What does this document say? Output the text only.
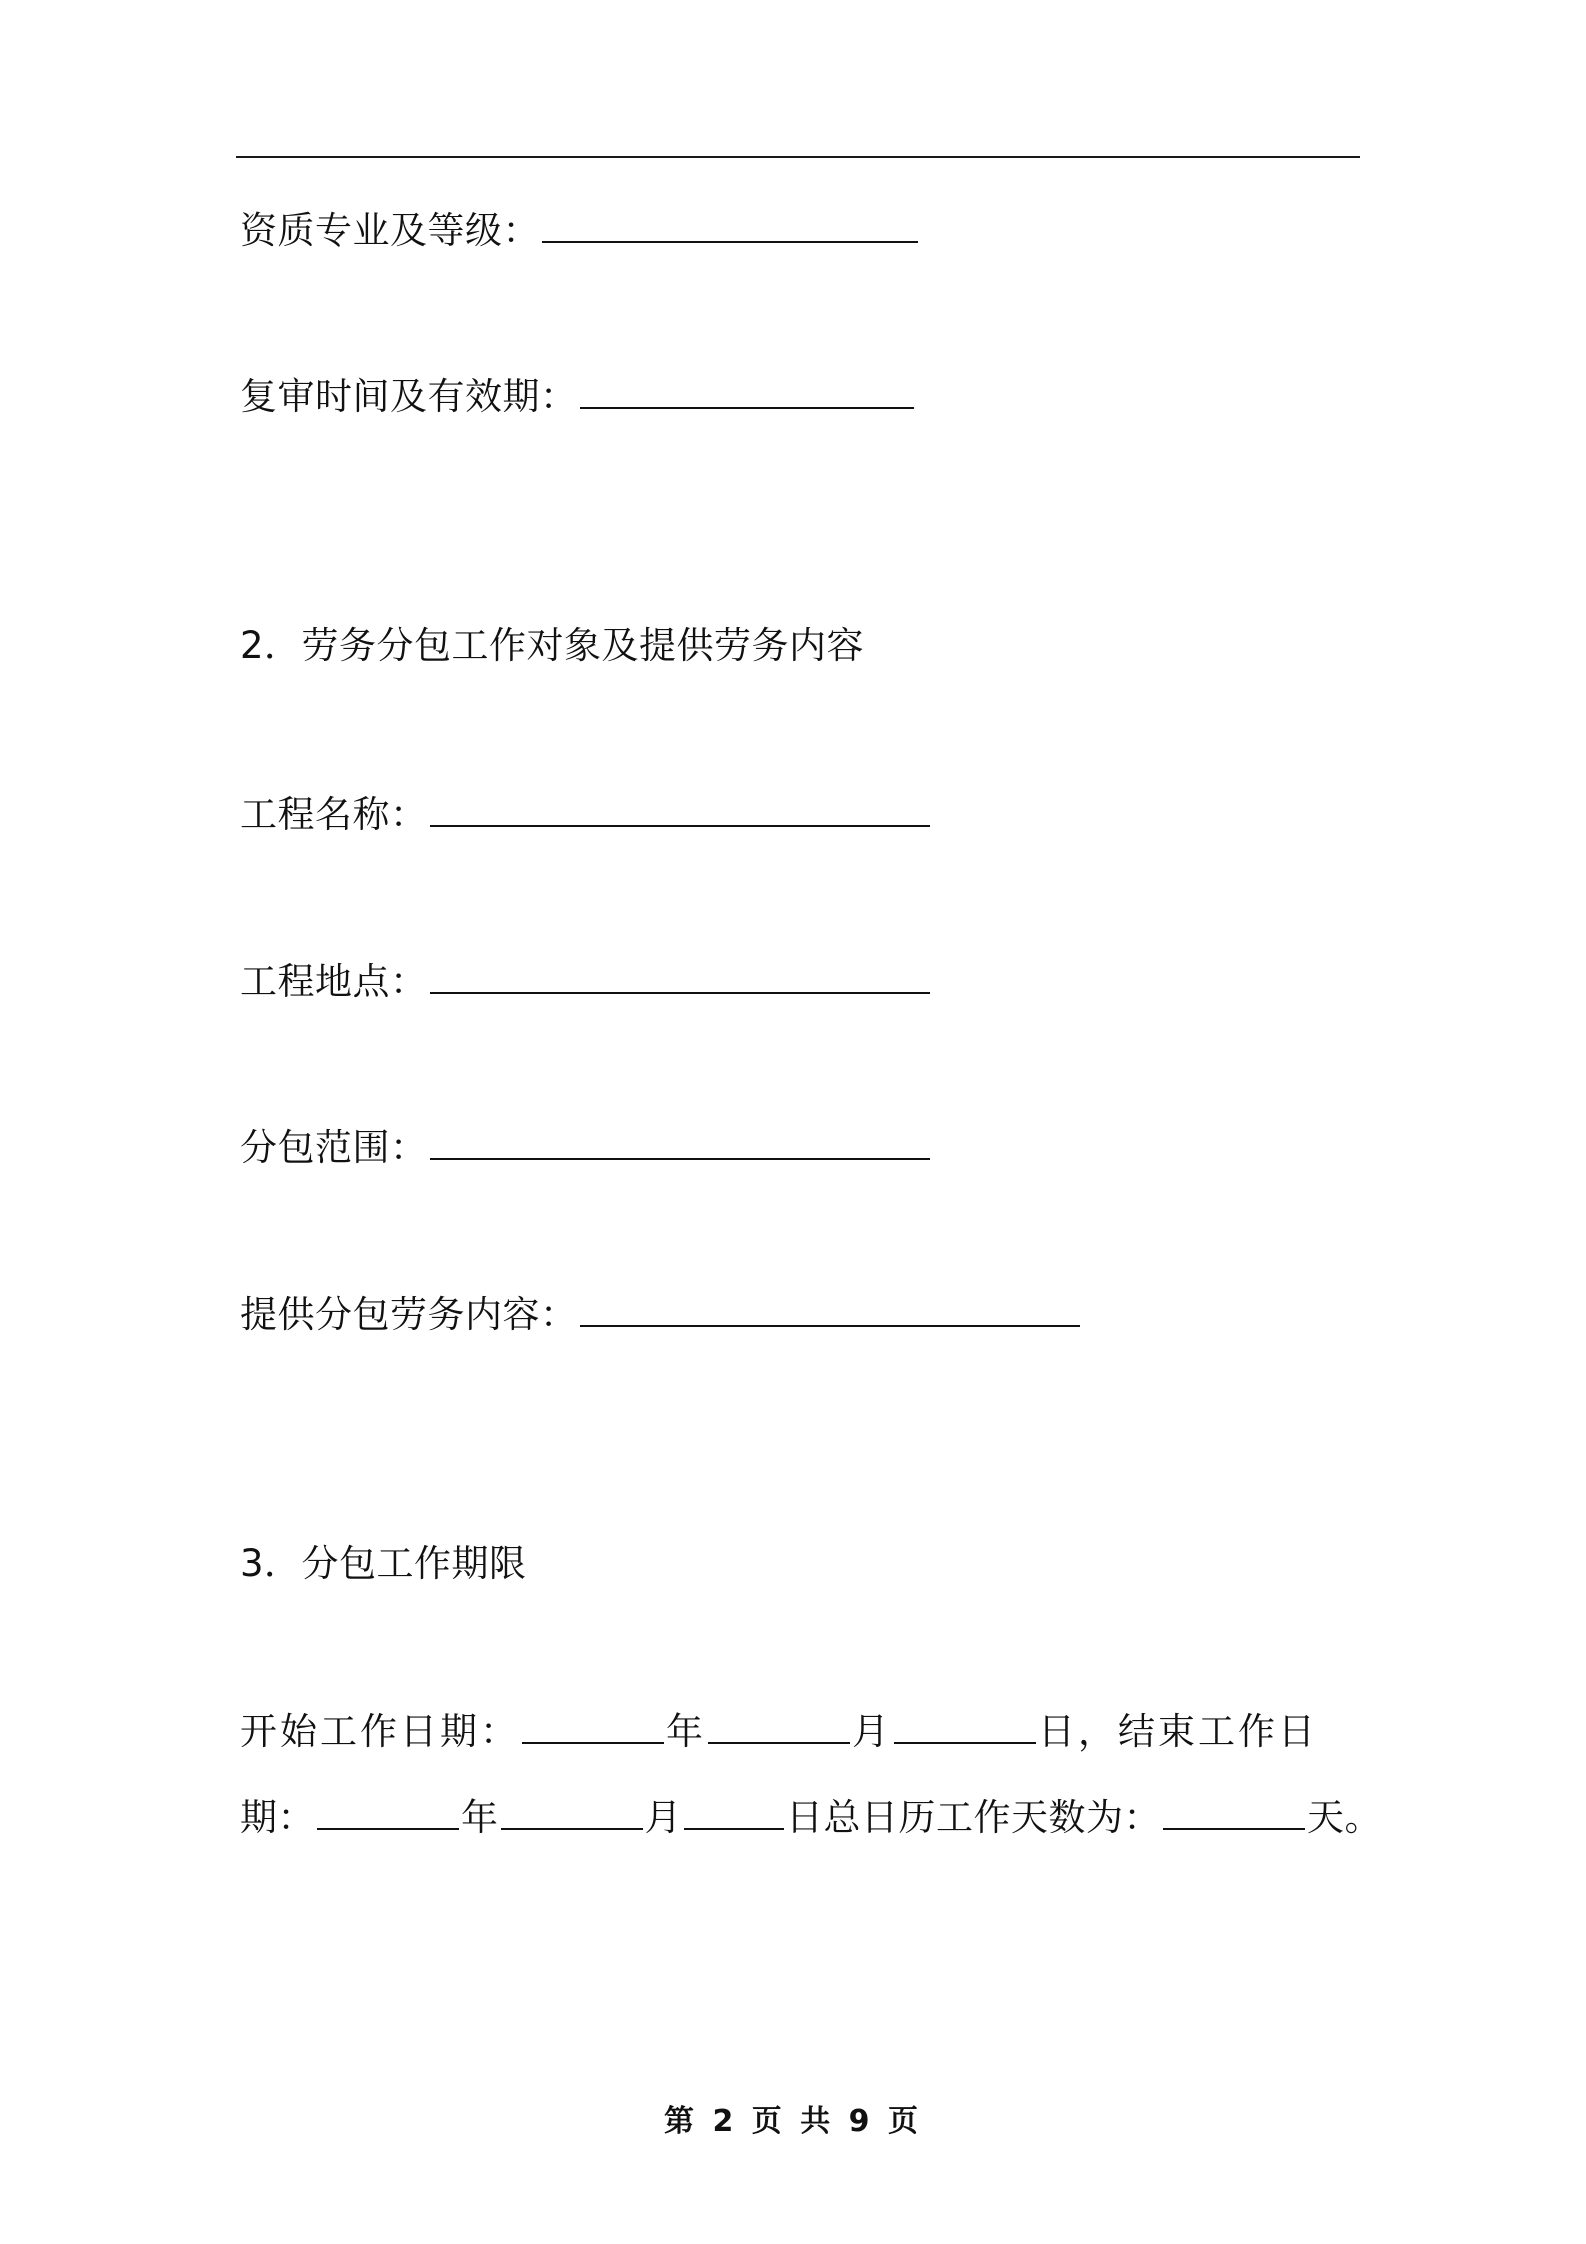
资质专业及等级：
复审时间及有效期：
2．劳务分包工作对象及提供劳务内容
工程名称：
工程地点：
分包范围：
提供分包劳务内容：
3．分包工作期限
开始工作日期：	年	月	日，结束工作日
期：	年	月	日总日历工作天数为：	天。
第 2 页 共 9 页
